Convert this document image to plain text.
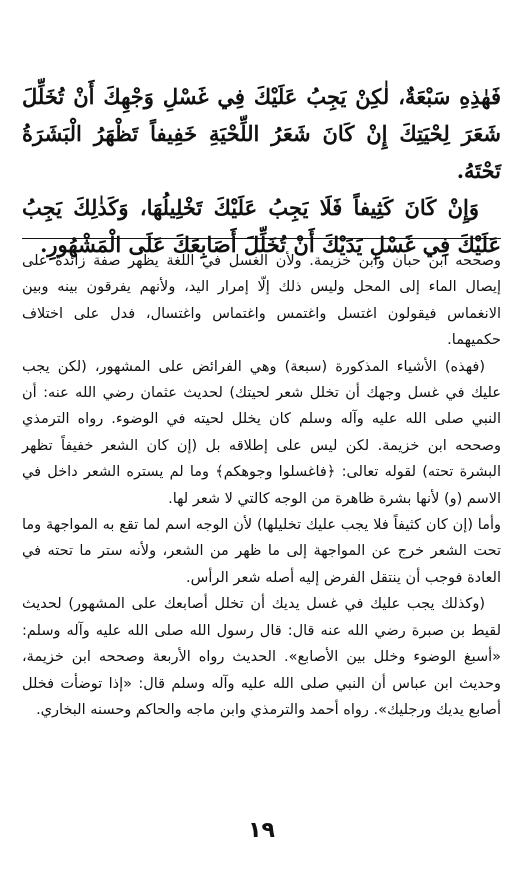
فَهٰذِهِ سَبْعَةٌ، لٰكِنْ يَجِبُ عَلَيْكَ فِي غَسْلِ وَجْهِكَ أَنْ تُخَلِّلَ شَعَرَ لِحْيَتِكَ إِنْ كَانَ شَعَرُ اللِّحْيَةِ خَفِيفاً تَظْهَرُ الْبَشَرَةُ تَحْتَهُ.

وَإِنْ كَانَ كَثِيفاً فَلَا يَجِبُ عَلَيْكَ تَخْلِيلُهَا، وَكَذٰلِكَ يَجِبُ عَلَيْكَ فِي غَسْلِ يَدَيْكَ أَنْ تُخَلِّلَ أَصَابِعَكَ عَلَى الْمَشْهُورِ.

وصححه ابن حبان وابن خزيمة. ولأن الغسل في اللغة يظهر صفة زائدة على إيصال الماء إلى المحل وليس ذلك إلّا إمرار اليد، ولأنهم يفرقون بينه وبين الانغماس فيقولون اغتسل واغتمس واغتماس واغتسال، فدل على اختلاف حكميهما.

(فهذه) الأشياء المذكورة (سبعة) وهي الفرائض على المشهور، (لكن يجب عليك في غسل وجهك أن تخلل شعر لحيتك) لحديث عثمان رضي الله عنه: أن النبي صلى الله عليه وآله وسلم كان يخلل لحيته في الوضوء. رواه الترمذي وصححه ابن خزيمة. لكن ليس على إطلاقه بل (إن كان الشعر خفيفاً تظهر البشرة تحته) لقوله تعالى: ﴿فاغسلوا وجوهكم﴾ وما لم يستره الشعر داخل في الاسم (و) لأنها بشرة ظاهرة من الوجه كالتي لا شعر لها.

وأما (إن كان كثيفاً فلا يجب عليك تخليلها) لأن الوجه اسم لما تقع به المواجهة وما تحت الشعر خرج عن المواجهة إلى ما ظهر من الشعر، ولأنه ستر ما تحته في العادة فوجب أن ينتقل الفرض إليه أصله شعر الرأس.

(وكذلك يجب عليك في غسل يديك أن تخلل أصابعك على المشهور) لحديث لقيط بن صبرة رضي الله عنه قال: قال رسول الله صلى الله عليه وآله وسلم: «أسبغ الوضوء وخلل بين الأصابع». الحديث رواه الأربعة وصححه ابن خزيمة، وحديث ابن عباس أن النبي صلى الله عليه وآله وسلم قال: «إذا توضأت فخلل أصابع يديك ورجليك». رواه أحمد والترمذي وابن ماجه والحاكم وحسنه البخاري.

١٩
